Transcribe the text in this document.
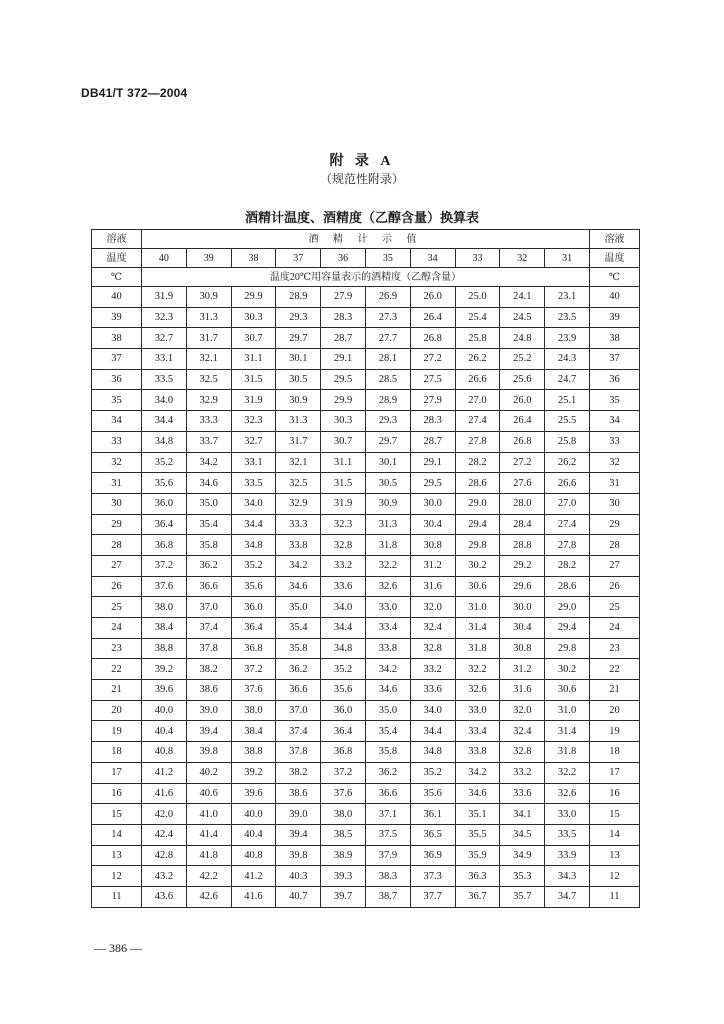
DB41/T 372—2004
附 录 A
（规范性附录）
酒精计温度、酒精度（乙醇含量）换算表
溶液	酒 精 计 示 值										溶液
温度	40	39	38	37	36	35	34	33	32	31	温度
℃	温度20℃用容量表示的酒精度（乙醇含量）										℃
40	31.9	30.9	29.9	28.9	27.9	26.9	26.0	25.0	24.1	23.1	40
39	32.3	31.3	30.3	29.3	28.3	27.3	26.4	25.4	24.5	23.5	39
38	32.7	31.7	30.7	29.7	28.7	27.7	26.8	25.8	24.8	23.9	38
37	33.1	32.1	31.1	30.1	29.1	28.1	27.2	26.2	25.2	24.3	37
36	33.5	32.5	31.5	30.5	29.5	28.5	27.5	26.6	25.6	24.7	36
35	34.0	32.9	31.9	30.9	29.9	28.9	27.9	27.0	26.0	25.1	35
34	34.4	33.3	32.3	31.3	30.3	29.3	28.3	27.4	26.4	25.5	34
33	34.8	33.7	32.7	31.7	30.7	29.7	28.7	27.8	26.8	25.8	33
32	35.2	34.2	33.1	32.1	31.1	30.1	29.1	28.2	27.2	26.2	32
31	35.6	34.6	33.5	32.5	31.5	30.5	29.5	28.6	27.6	26.6	31
30	36.0	35.0	34.0	32.9	31.9	30.9	30.0	29.0	28.0	27.0	30
29	36.4	35.4	34.4	33.3	32.3	31.3	30.4	29.4	28.4	27.4	29
28	36.8	35.8	34.8	33.8	32.8	31.8	30.8	29.8	28.8	27.8	28
27	37.2	36.2	35.2	34.2	33.2	32.2	31.2	30.2	29.2	28.2	27
26	37.6	36.6	35.6	34.6	33.6	32.6	31.6	30.6	29.6	28.6	26
25	38.0	37.0	36.0	35.0	34.0	33.0	32.0	31.0	30.0	29.0	25
24	38.4	37.4	36.4	35.4	34.4	33.4	32.4	31.4	30.4	29.4	24
23	38.8	37.8	36.8	35.8	34.8	33.8	32.8	31.8	30.8	29.8	23
22	39.2	38.2	37.2	36.2	35.2	34.2	33.2	32.2	31.2	30.2	22
21	39.6	38.6	37.6	36.6	35.6	34.6	33.6	32.6	31.6	30.6	21
20	40.0	39.0	38.0	37.0	36.0	35.0	34.0	33.0	32.0	31.0	20
19	40.4	39.4	38.4	37.4	36.4	35.4	34.4	33.4	32.4	31.4	19
18	40.8	39.8	38.8	37.8	36.8	35.8	34.8	33.8	32.8	31.8	18
17	41.2	40.2	39.2	38.2	37.2	36.2	35.2	34.2	33.2	32.2	17
16	41.6	40.6	39.6	38.6	37.6	36.6	35.6	34.6	33.6	32.6	16
15	42.0	41.0	40.0	39.0	38.0	37.1	36.1	35.1	34.1	33.0	15
14	42.4	41.4	40.4	39.4	38.5	37.5	36.5	35.5	34.5	33.5	14
13	42.8	41.8	40.8	39.8	38.9	37.9	36.9	35.9	34.9	33.9	13
12	43.2	42.2	41.2	40.3	39.3	38.3	37.3	36.3	35.3	34.3	12
11	43.6	42.6	41.6	40.7	39.7	38.7	37.7	36.7	35.7	34.7	11
— 386 —
